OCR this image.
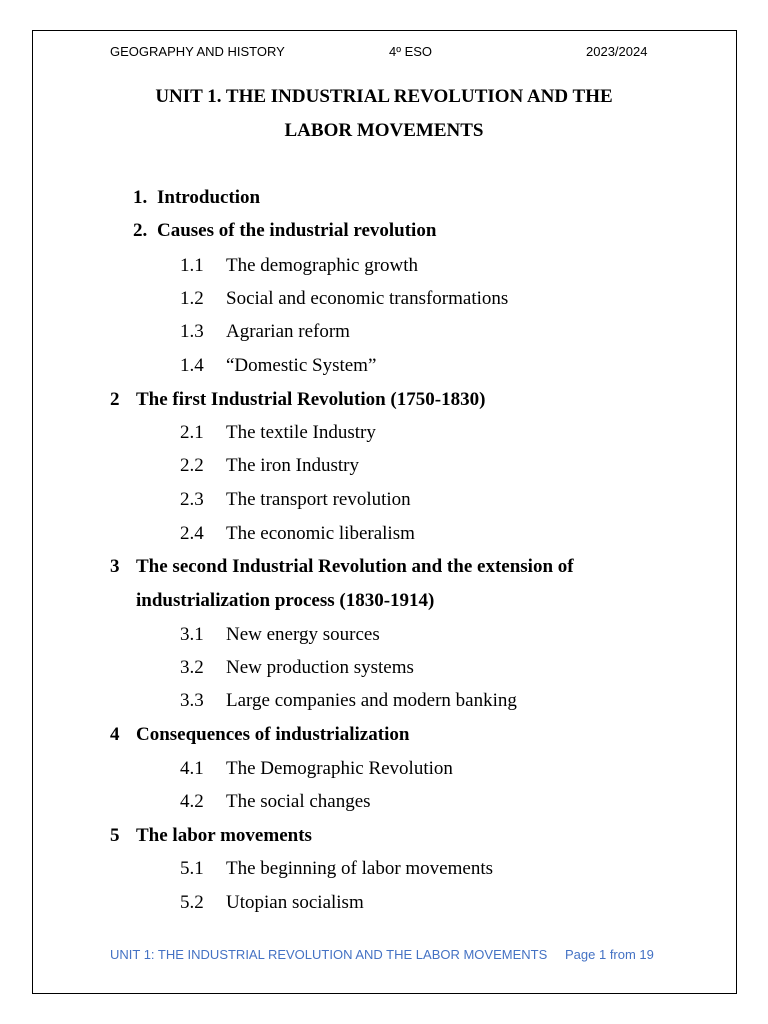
GEOGRAPHY AND HISTORY	4º ESO	2023/2024
UNIT 1. THE INDUSTRIAL REVOLUTION AND THE
LABOR MOVEMENTS
1. Introduction
2. Causes of the industrial revolution
1.1 The demographic growth
1.2 Social and economic transformations
1.3 Agrarian reform
1.4 “Domestic System”
2 The first Industrial Revolution (1750-1830)
2.1 The textile Industry
2.2 The iron Industry
2.3 The transport revolution
2.4 The economic liberalism
3 The second Industrial Revolution and the extension of
industrialization process (1830-1914)
3.1 New energy sources
3.2 New production systems
3.3 Large companies and modern banking
4 Consequences of industrialization
4.1 The Demographic Revolution
4.2 The social changes
5 The labor movements
5.1 The beginning of labor movements
5.2 Utopian socialism
UNIT 1: THE INDUSTRIAL REVOLUTION AND THE LABOR MOVEMENTS Page 1 from 19
